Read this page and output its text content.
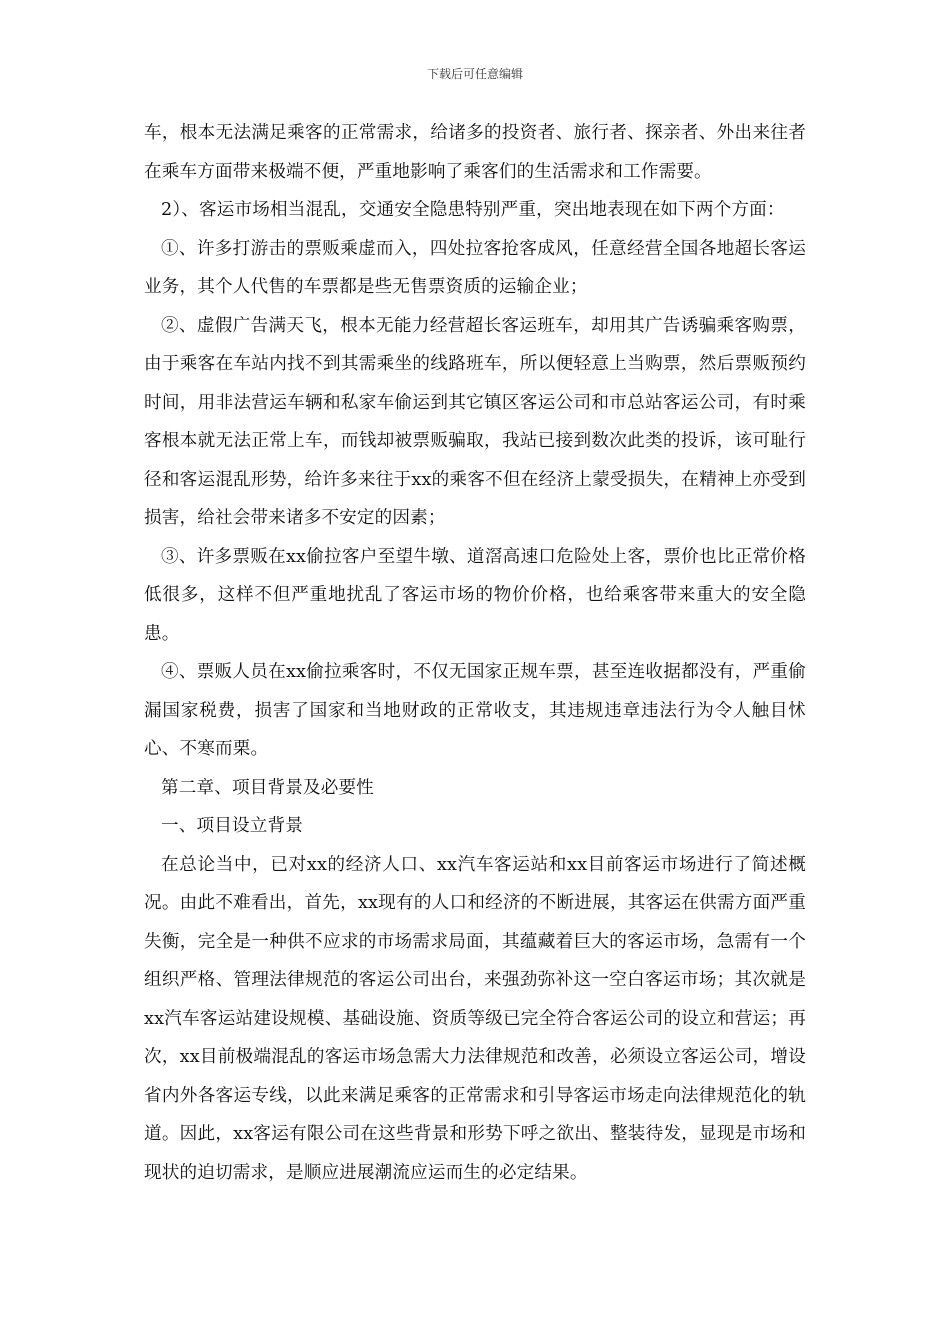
下载后可任意编辑

车，根本无法满足乘客的正常需求，给诸多的投资者、旅行者、探亲者、外出来往者在乘车方面带来极端不便，严重地影响了乘客们的生活需求和工作需要。

2）、客运市场相当混乱，交通安全隐患特别严重，突出地表现在如下两个方面：

①、许多打游击的票贩乘虚而入，四处拉客抢客成风，任意经营全国各地超长客运业务，其个人代售的车票都是些无售票资质的运输企业；

②、虚假广告满天飞，根本无能力经营超长客运班车，却用其广告诱骗乘客购票，由于乘客在车站内找不到其需乘坐的线路班车，所以便轻意上当购票，然后票贩预约时间，用非法营运车辆和私家车偷运到其它镇区客运公司和市总站客运公司，有时乘客根本就无法正常上车，而钱却被票贩骗取，我站已接到数次此类的投诉，该可耻行径和客运混乱形势，给许多来往于xx的乘客不但在经济上蒙受损失，在精神上亦受到损害，给社会带来诸多不安定的因素；

③、许多票贩在xx偷拉客户至望牛墩、道滘高速口危险处上客，票价也比正常价格低很多，这样不但严重地扰乱了客运市场的物价价格，也给乘客带来重大的安全隐患。

④、票贩人员在xx偷拉乘客时，不仅无国家正规车票，甚至连收据都没有，严重偷漏国家税费，损害了国家和当地财政的正常收支，其违规违章违法行为令人触目怵心、不寒而栗。

第二章、项目背景及必要性

一、项目设立背景

在总论当中，已对xx的经济人口、xx汽车客运站和xx目前客运市场进行了简述概况。由此不难看出，首先，xx现有的人口和经济的不断进展，其客运在供需方面严重失衡，完全是一种供不应求的市场需求局面，其蕴藏着巨大的客运市场，急需有一个组织严格、管理法律规范的客运公司出台，来强劲弥补这一空白客运市场；其次就是xx汽车客运站建设规模、基础设施、资质等级已完全符合客运公司的设立和营运；再次，xx目前极端混乱的客运市场急需大力法律规范和改善，必须设立客运公司，增设省内外各客运专线，以此来满足乘客的正常需求和引导客运市场走向法律规范化的轨道。因此，xx客运有限公司在这些背景和形势下呼之欲出、整装待发，显现是市场和现状的迫切需求，是顺应进展潮流应运而生的必定结果。
